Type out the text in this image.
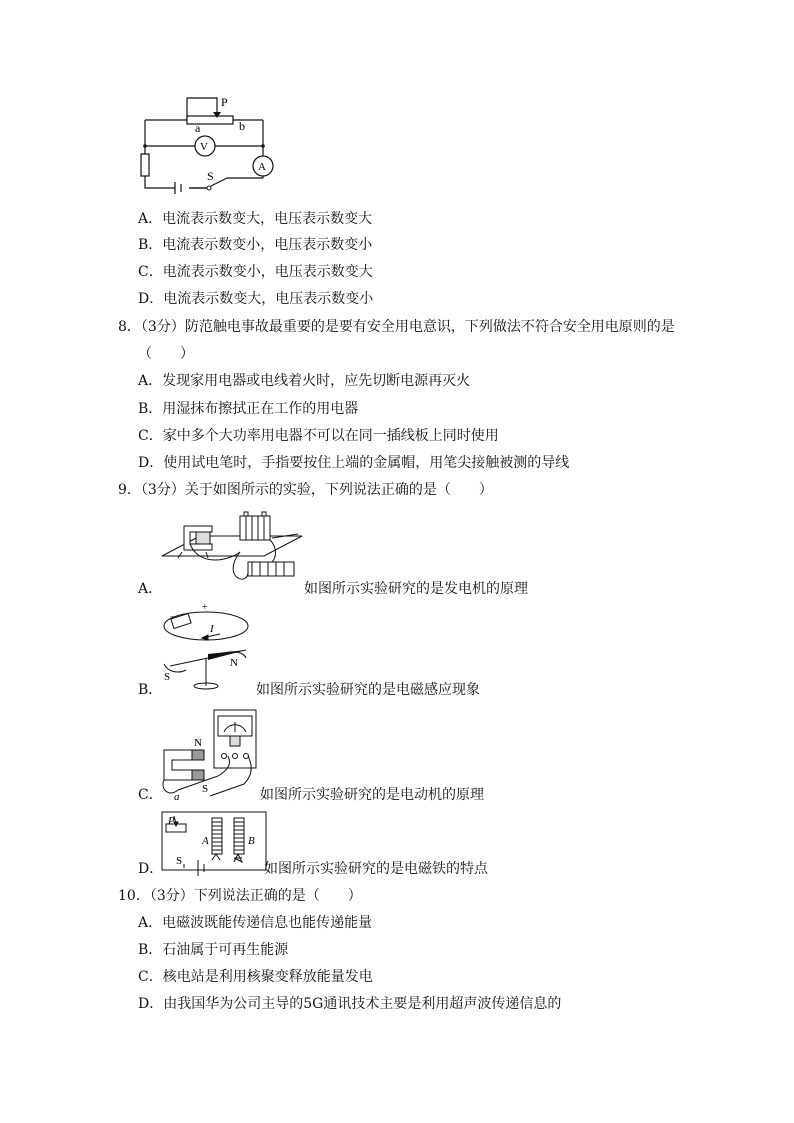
P
a	b
V
A
S
A．电流表示数变大，电压表示数变大
B．电流表示数变小，电压表示数变小
C．电流表示数变小，电压表示数变大
D．电流表示数变大，电压表示数变小
8．（3分）防范触电事故最重要的是要有安全用电意识，下列做法不符合安全用电原则的是
（　　）
A．发现家用电器或电线着火时，应先切断电源再灭火
B．用湿抹布擦拭正在工作的用电器
C．家中多个大功率用电器不可以在同一插线板上同时使用
D．使用试电笔时，手指要按住上端的金属帽，用笔尖接触被测的导线
9．（3分）关于如图所示的实验，下列说法正确的是（　　）
A．	如图所示实验研究的是发电机的原理
−
+
I
S
N
B．	如图所示实验研究的是电磁感应现象
N
S
a
C．	如图所示实验研究的是电动机的原理
P
A	B
S
D．	如图所示实验研究的是电磁铁的特点
10．（3分）下列说法正确的是（　　）
A．电磁波既能传递信息也能传递能量
B．石油属于可再生能源
C．核电站是利用核聚变释放能量发电
D．由我国华为公司主导的5G通讯技术主要是利用超声波传递信息的
